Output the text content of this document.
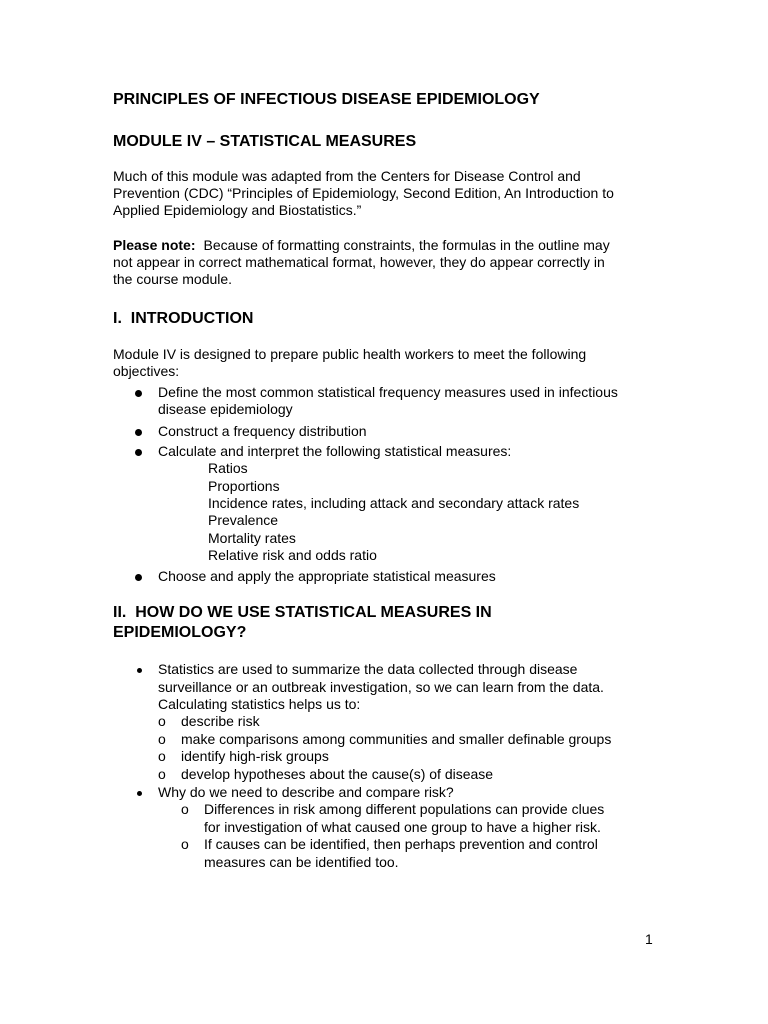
PRINCIPLES OF INFECTIOUS DISEASE EPIDEMIOLOGY
MODULE IV – STATISTICAL MEASURES
Much of this module was adapted from the Centers for Disease Control and
Prevention (CDC) “Principles of Epidemiology, Second Edition, An Introduction to
Applied Epidemiology and Biostatistics.”
Please note: Because of formatting constraints, the formulas in the outline may
not appear in correct mathematical format, however, they do appear correctly in
the course module.
I.  INTRODUCTION
Module IV is designed to prepare public health workers to meet the following
objectives:
Define the most common statistical frequency measures used in infectious
disease epidemiology
Construct a frequency distribution
Calculate and interpret the following statistical measures:
Ratios
Proportions
Incidence rates, including attack and secondary attack rates
Prevalence
Mortality rates
Relative risk and odds ratio
Choose and apply the appropriate statistical measures
II.  HOW DO WE USE STATISTICAL MEASURES IN
EPIDEMIOLOGY?
Statistics are used to summarize the data collected through disease
surveillance or an outbreak investigation, so we can learn from the data.
Calculating statistics helps us to:
o describe risk
o make comparisons among communities and smaller definable groups
o identify high-risk groups
o develop hypotheses about the cause(s) of disease
Why do we need to describe and compare risk?
o Differences in risk among different populations can provide clues
for investigation of what caused one group to have a higher risk.
o If causes can be identified, then perhaps prevention and control
measures can be identified too.
1
